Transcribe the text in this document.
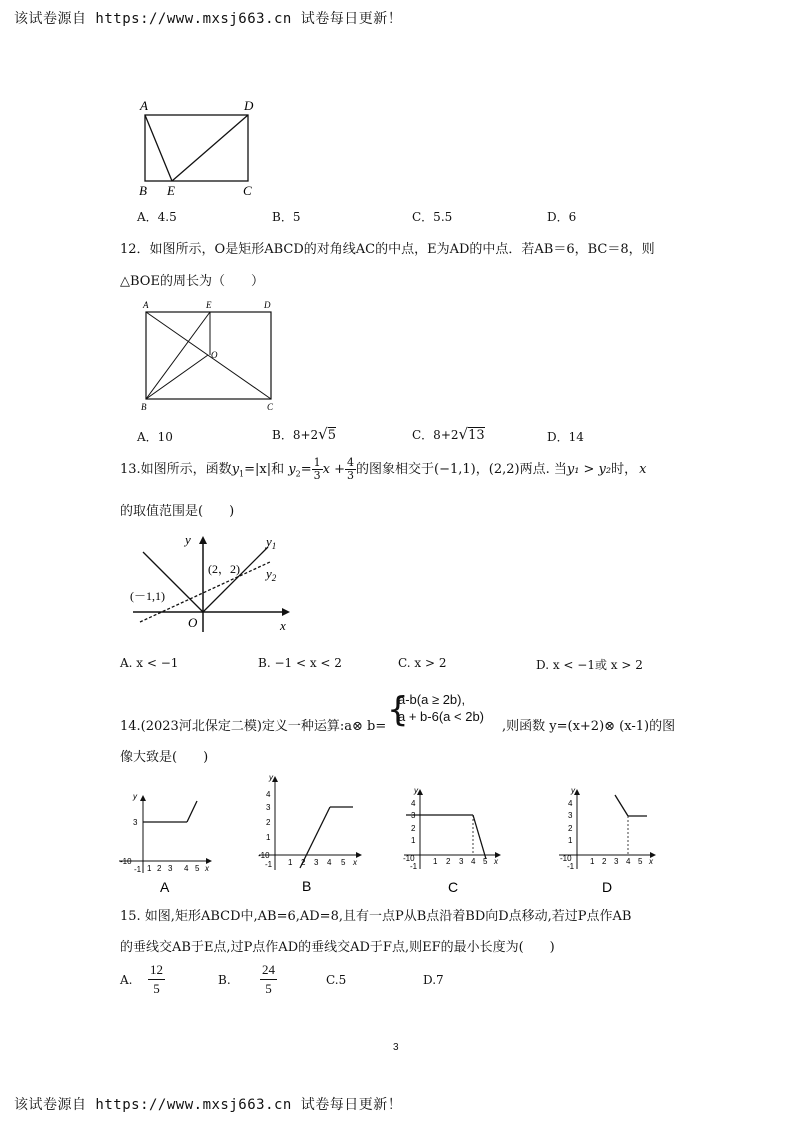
该试卷源自 https://www.mxsj663.cn 试卷每日更新！
A	D
B E	C
A．4.5	B．5	C．5.5	D．6
12．如图所示，O是矩形ABCD的对角线AC的中点，E为AD的中点．若AB＝6，BC＝8，则
△BOE的周长为（　　）
A	E	D
O
B	C
A．10	B．8+2√5	C．8+2√13	D．14
13.如图所示，函数$y_1=|x|$和 $y_2= \frac{1}{3}$ $x + \frac{4}{3}$ 的图象相交于(−1,1)，(2,2)两点. 当y₁ > y₂时， x
的取值范围是(　　)
y
x
O
$y_1$
$y_2$
(－1,1)
(2，2)
A. x < −1	B. −1 < x < 2	C. x > 2	D. x < −1或 x > 2
14.(2023河北保定二模)定义一种运算:a⊗ b= {
a-b(a ≥ 2b),
a + b-6(a < 2b)
,则函数 y=(x+2)⊗ (x-1)的图
像大致是(　　)
y
3
-10
-1 1 2 3 4 5 x
A
y
4
3
2
1
-10
-1 1 2 3 4 5 x
B
y
4
3
2
1
-10
-1
1 2 3 4 5 x
C
y
4
3
2
1
-10
-1
1 2 3 4 5 x
D
15. 如图,矩形ABCD中,AB=6,AD=8,且有一点P从B点沿着BD向D点移动,若过P点作AB
的垂线交AB于E点,过P点作AD的垂线交AD于F点,则EF的最小长度为(　　)
A. $\frac{12}{5}$	B. $\frac{24}{5}$	C.5	D.7
3
该试卷源自 https://www.mxsj663.cn 试卷每日更新！
